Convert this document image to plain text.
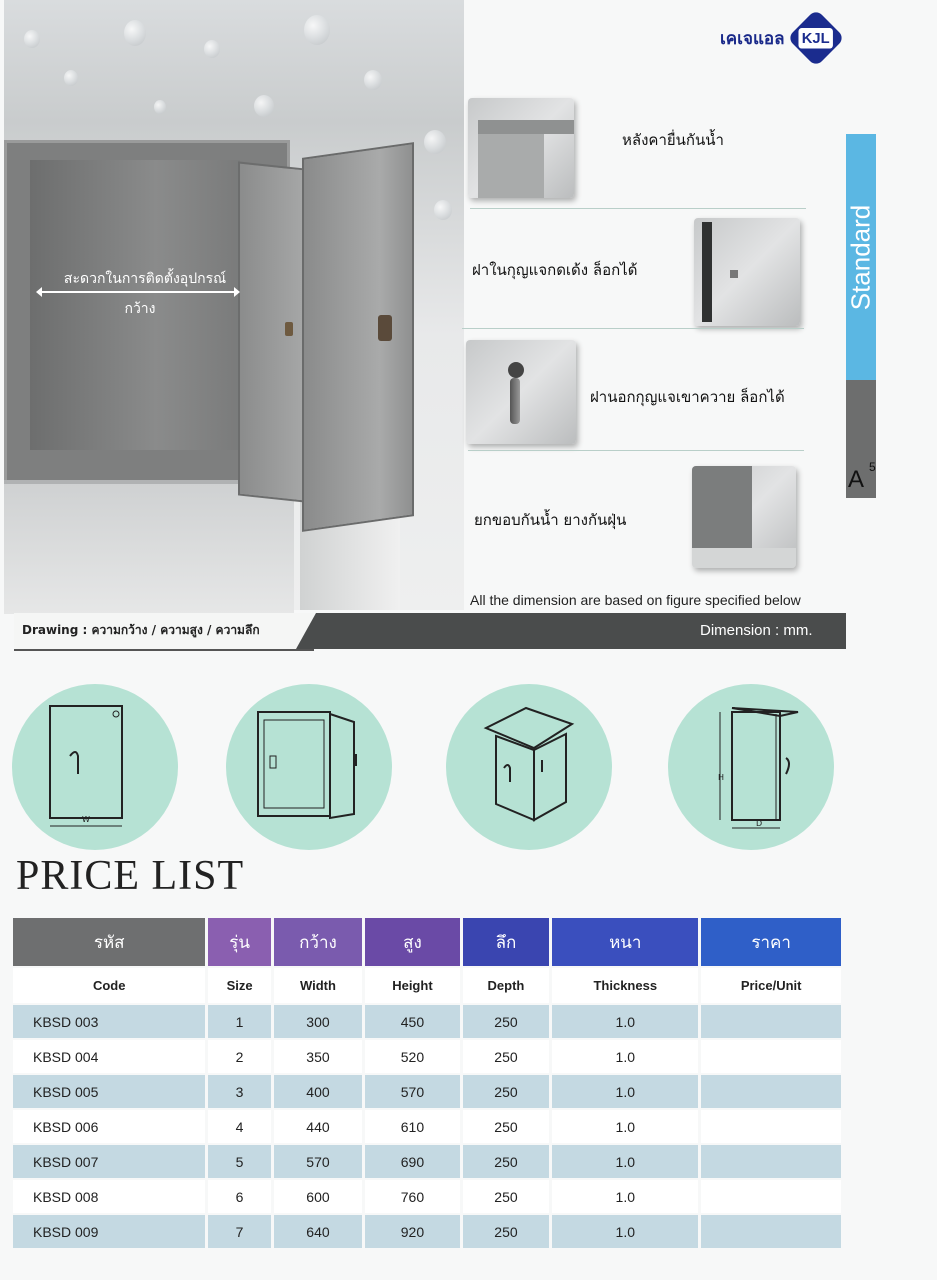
สะดวกในการติดตั้งอุปกรณ์
กว้าง
เคเจแอล KJL
หลังคายื่นกันน้ำ
ฝาในกุญแจกดเด้ง ล็อกได้
ฝานอกกุญแจเขาควาย ล็อกได้
ยกขอบกันน้ำ ยางกันฝุ่น
Standard
A 5
All the dimension are based on figure specified below
Drawing : ความกว้าง / ความสูง / ความลึก	Dimension : mm.
W
H
D
PRICE LIST
รหัส	รุ่น	กว้าง	สูง	ลึก	หนา	ราคา
Code	Size	Width	Height	Depth	Thickness	Price/Unit
KBSD 003	1	300	450	250	1.0	
KBSD 004	2	350	520	250	1.0	
KBSD 005	3	400	570	250	1.0	
KBSD 006	4	440	610	250	1.0	
KBSD 007	5	570	690	250	1.0	
KBSD 008	6	600	760	250	1.0	
KBSD 009	7	640	920	250	1.0	
